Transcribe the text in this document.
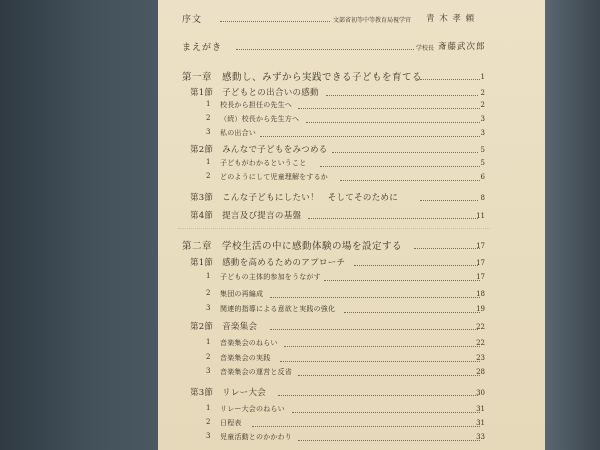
序文	文部省初等中等教育局視学官 青 木 孝 頼
まえがき	学校長 斎藤武次郎
第一章　感動し、みずから実践できる子どもを育てる	1
第1節　子どもとの出合いの感動	2
1 校長から担任の先生へ	2
2 （続）校長から先生方へ	3
3 私の出合い	3
第2節　みんなで子どもをみつめる	5
1 子どもがわかるということ	5
2 どのようにして児童理解をするか	6
第3節　こんな子どもにしたい！　そしてそのために	8
第4節　提言及び提言の基盤	11
第二章　学校生活の中に感動体験の場を設定する	17
第1節　感動を高めるためのアプローチ	17
1 子どもの主体的参加をうながす	17
2 集団の再編成	18
3 関連的指導による意欲と実践の強化	19
第2節　音楽集会	22
1 音楽集会のねらい	22
2 音楽集会の実践	23
3 音楽集会の運営と反省	28
第3節　リレー大会	30
1 リレー大会のねらい	31
2 日程表	31
3 児童活動とのかかわり	33
